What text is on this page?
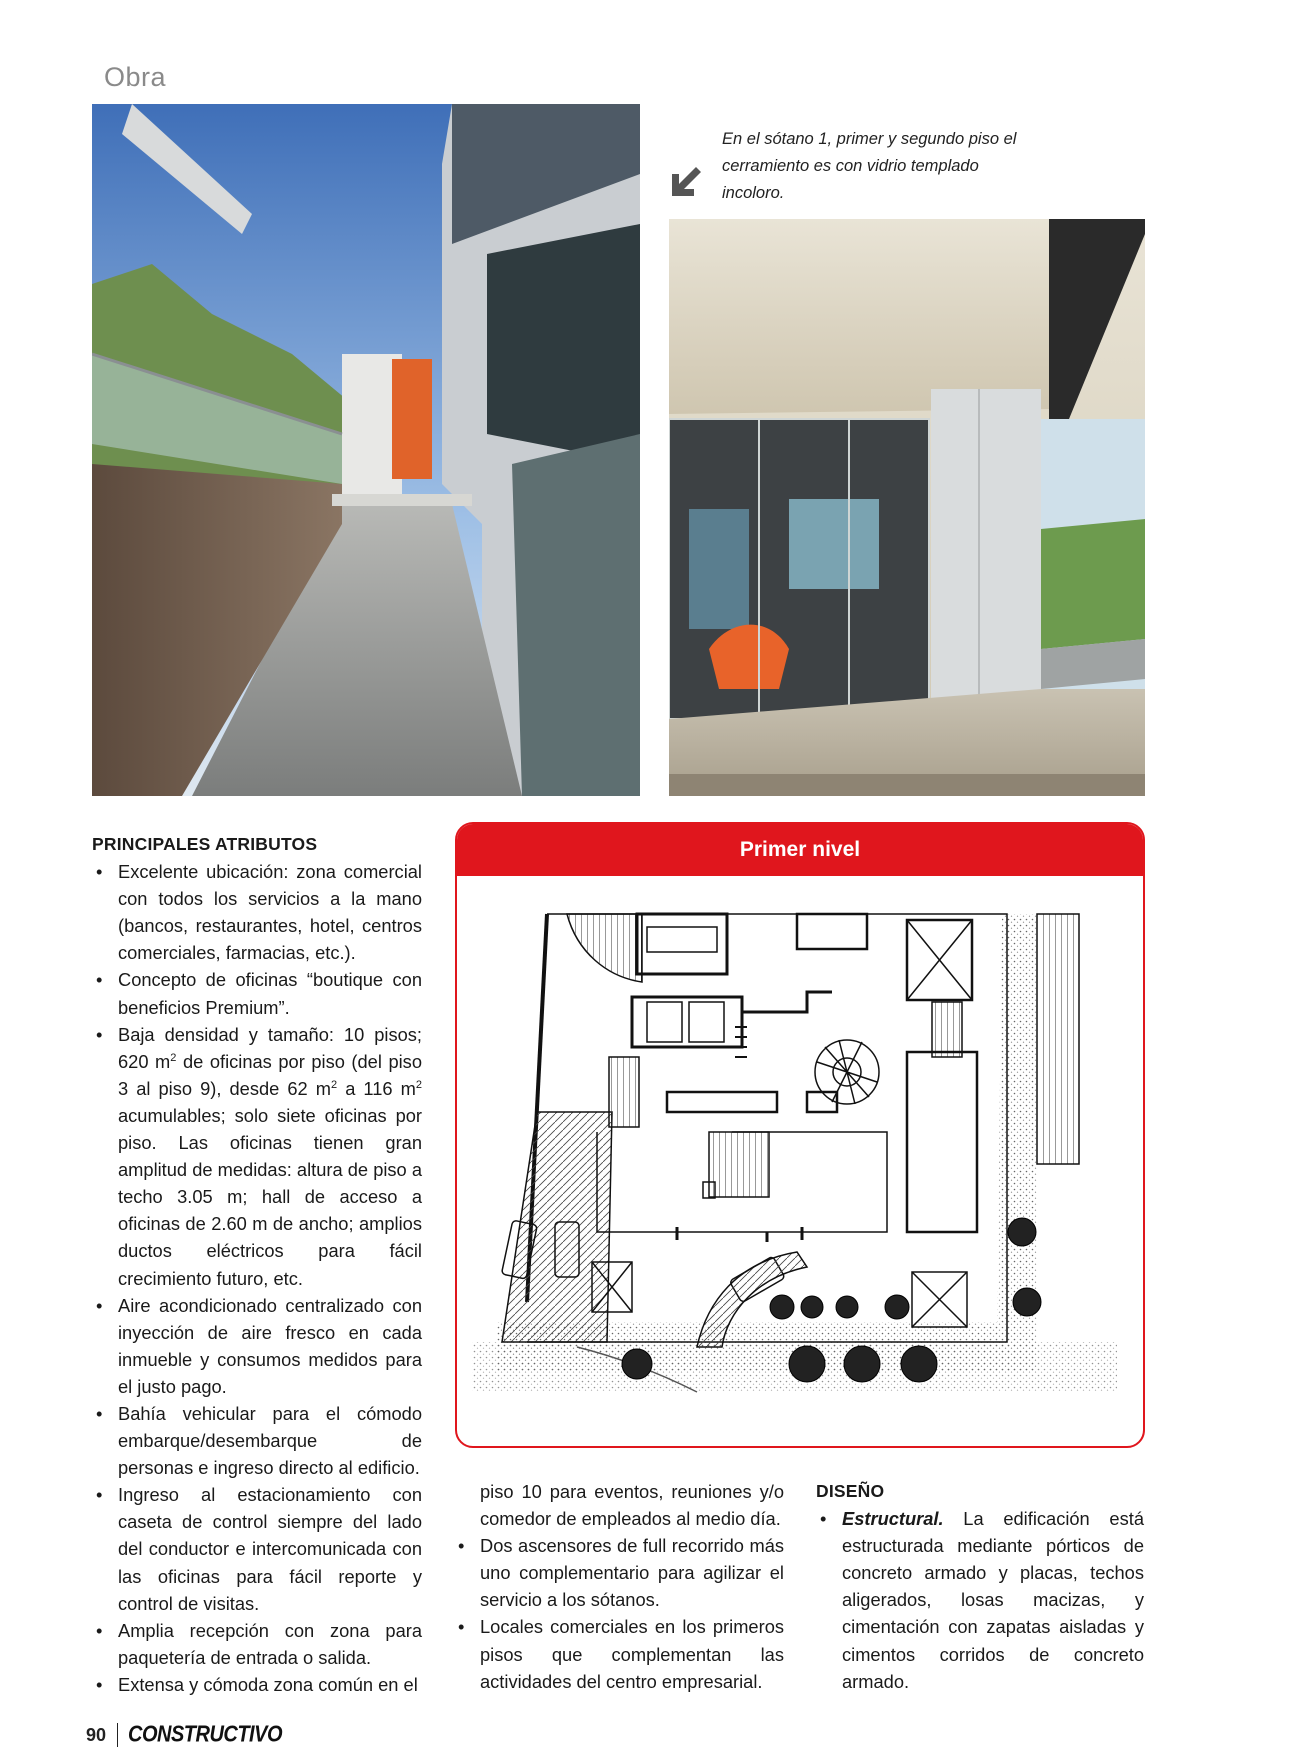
Obra
En el sótano 1, primer y segundo piso el cerramiento es con vidrio templado incoloro.
PRINCIPALES ATRIBUTOS
• Excelente ubicación: zona comercial con todos los servicios a la mano (bancos, restaurantes, hotel, centros comerciales, farmacias, etc.).
• Concepto de oficinas “boutique con beneficios Premium”.
• Baja densidad y tamaño: 10 pisos; 620 $m^2$ de oficinas por piso (del piso 3 al piso 9), desde 62 $m^2$ a 116 $m^2$ acumulables; solo siete oficinas por piso. Las oficinas tienen gran amplitud de medidas: altura de piso a techo 3.05 m; hall de acceso a oficinas de 2.60 m de ancho; amplios ductos eléctricos para fácil crecimiento futuro, etc.
• Aire acondicionado centralizado con inyección de aire fresco en cada inmueble y consumos medidos para el justo pago.
• Bahía vehicular para el cómodo embarque/desembarque de personas e ingreso directo al edificio.
• Ingreso al estacionamiento con caseta de control siempre del lado del conductor e intercomunicada con las oficinas para fácil reporte y control de visitas.
• Amplia recepción con zona para paquetería de entrada o salida.
• Extensa y cómoda zona común en el
Primer nivel
piso 10 para eventos, reuniones y/o comedor de empleados al medio día.
• Dos ascensores de full recorrido más uno complementario para agilizar el servicio a los sótanos.
• Locales comerciales en los primeros pisos que complementan las actividades del centro empresarial.
DISEÑO
• Estructural. La edificación está estructurada mediante pórticos de concreto armado y placas, techos aligerados, losas macizas, y cimentación con zapatas aisladas y cimentos corridos de concreto armado.
90 CONSTRUCTIVO
